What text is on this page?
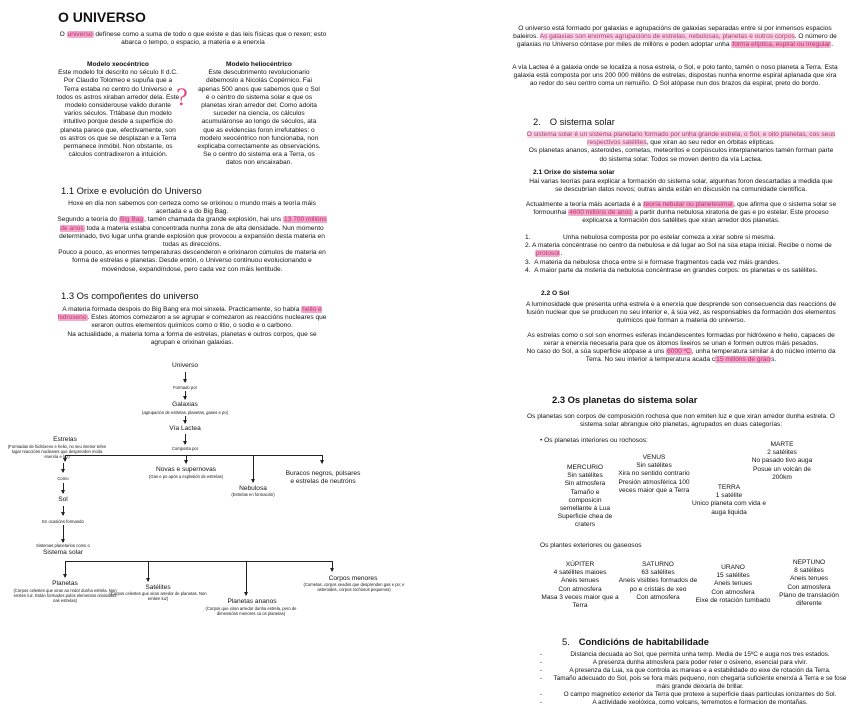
O UNIVERSO
O universo defínese como a suma de todo o que existe e das leis físicas que o rexen; esto abarca o tempo, o espacio, a materia e a enerxía
Modelo xeocéntrico
Este modelo foi descrito no século II d.C. Por Claudio Tolomeo e supuña que a Terra estaba no centro do Universo e todos os astros xiraban arredor dela. Este modelo considerouse valido durante varios séculos. Trtábase dun modelo intuitivo porque desde a superficie do planeta parece que, efectivamente, son os astros os que se desplazan e a Terra permanece inmóbil. Non obstante, os cálculos contradixeron a intuición.
?
Modelo heliocéntrico
Este descubrimento revolucionario débemoslo a Nicolás Copérnico. Fai apenas 500 anos que sabemos que o Sol é o centro do sistema solar e que os planetas xiran arredor del. Como adoita suceder na ciencia, os cálculos acumuláronse ao longo de séculos, ata que as evidencias foron irrefutables: o modelo xeocéntrico non funcionaba, non explicaba correctamente as observacións. Se o centro do sistema era a Terra, os datos non encaixaban.
1.1 Orixe e evolución do Universo
Hoxe en día non sabemos con certeza como se orixinou o mundo mais a teoría máis acertada e a do Big Bag.
Segundo a teoría do Big Bag, tamén chamada da grande explosión, hai uns 13 700 millóns de anos toda a materia estaba concentrada nunha zona de alta densidade. Nun momento determinado, tivo lugar unha grande explosión que provocou a expansión desta materia en todas as direccións.
Pouco a pouco, as enormes temperaturas descenderon e orixinaron cúmulos de materia en forma de estrelas e planetas. Desde entón, o Universo continuou evolucionando e movéndose, expandíndose, pero cada vez con máis lentitude.
1.3 Os compoñentes do universo
A materia formada despois do Big Bang era moi sinxela. Practicamente, so había helio e hidroxeno. Estes átomos comezaron a se agrupar e comezaron as reaccións nucleares que xeraron outros elementos químicos como o litio, o sodio e o carbono.
Na actualidade, a materia toma a forma de estrelas, planetas e outros corpos, que se agrupan e orixinan galaxias.
Universo
Formado por
Galaxias
(agrupación de estrelas, planetas, gases e po)
Vía Lactea
Composta por
Estrelas
(Formadas de hidróxeno e helio, no seu interior tefen lugar reaccións nucleares que desprenden moita enerxía e luz)
Novas e supernovas
(Gas e po após a explosión de estrelas)	Buracos negros, púlsares e estrelas de neutróns
Nebulosa
(Estrelas en formación)
Como
Sol
En ocasións formando
Sistemas planetarios como o
Sistema solar
Planetas
(Corpos celestes que xiran ao redor dunha estrela. Non emiten luz. Están formados polos elementos orixinados nas estrelas)
Satélites
(Corpos celestes que xiran arredor de planetas. Non emiten luz)	Planetas ananos
(Corpos que xiran arredor dunha estrela, pero de dimensións menores ca os planetas)
Corpos menores
(Cometas, corpos xeados que desprenden gas e po; e asteroides, corpos rochosos pequenos)
O universo está formado por galaxias e agrupacións de galaxias separadas entre si por inmensos espacios baleiros. As galaxias son enormes agrupacións de estrelas, nebulosas, planetas e outros corpos. O número de galaxias no Universo cóntase por miles de millóns e poden adoptar unha forma elíptica, espiral ou irregular.
A vía Lactea é a galaxia onde se localiza a nosa estrela, o Sol, e polo tanto, tamén o noso planeta a Terra. Esta galaxia está composta por uns 200 000 millóns de estrelas, dispostas nunha enorme espiral aplanada que xira ao redor do seu centro coma un remuiño. O Sol atópase nun dos brazos da espiral, preto do bordo.
2. O sistema solar
O sistema solar é un sistema planetario formado por unha grande estrela, o Sol, e oito planetas, cos seus respectivos satélites, que xiran ao seu redor en órbitas elípticas.
Os planetas ananos, asteroides, cometas, meteoritos e corpúsculos interplanetarios tamén forman parte do sistema solar. Todos se moven dentro da vía Lactea.
2.1 Orixe do sistema solar
Hai varias teorías para explicar a formación do sistema solar, algunhas foron descartadas a medida que se descubrían datos novos; outras ainda están en discusión na comunidade científica.
Actualmente a teoría máis acertada é a teoría nebular ou planetesimal, que afirma que o sistema solar se formounhai 4600 millóns de anos a partir dunha nebulosa xiratoria de gas e po estelar. Este proceso explicarxa a formación dos satélites que xiran arredor dos planetas.
1.	Unha nebulosa composta por po estelar comeza a xirar sobre si mesma.
2. A materia concéntrase no centro da nebulosa e dá lugar ao Sol na súa etapa inicial. Recibe o nome de protosol.
3. A materia da nebulosa choca entre si e formase fragmentos cada vez máis grandes.
4. A maior parte da msteria da nebulosa concéntrase en grandes corpos: os planetas e os satélites.
2.2 O Sol
A luminosidade que presenta unha estrela e a enerxía que desprende son consecuencia das reaccións de fusión nuclear que se producen no seu interior e, á súa vez, as responsables da formación dos elementos químicos que forman a materia do universo.
As estrelas como o sol son enormes esferas incandescentes formadas por hidróxeno e helio, capaces de xerar a enerxía necesaria para que os átomos lixeiros se unan e formen outros máis pesados.
No caso do Sol, a súa superficie atópase a uns 6000 ºC, unha temperatura similar á do núcleo interno da Terra. No seu interior a temperatura acada c15 millóns de graos.
2.3 Os planetas do sistema solar
Os planetas son corpos de composición rochosa que non emiten luz e que xiran arredor dunha estrela. O sistema solar abrangue oito planetas, agrupados en duas categorías:
• Os planetas interiores ou rochosos:
MERCURIO
Sin satélites
Sin atmosfera
Tamaño e composicin semellante á Lua
Superficie chea de craters
VENUS
Sin satélites
Xira no sentido contrario
Presión atmosférica 100 veces maior que a Terra	TERRA
1 satélite
Unico planeta com vida e auga liquida
MARTE
2 satélites
No pasado tivo auga
Posue un volcán de 200km
Os plantes exteriores ou gaseosos
XÚPITER
4 satélites maioes
Aneis tenues
Con atmosfera
Masa 3 veces maior que a Terra
SATURNO
63 satélites
Aneis visibles formados de po e cristais de xeo
Con atmosfera
URANO
15 satélites
Aneis tenues
Con atmosfera
Eixe de rotación tumbado
NEPTUNO
8 satélites
Aneis tenues
Con atmosfera
Plano de translación diferente
5. Condicións de habitabilidade
-	Distancia decuada ao Sol, que permita unha temp. Media de 15ºC e auga nos tres estados.
-	A presenza dunha atmosfera para poder reter o osixeno, esencial para vivir.
-	A presenza da Lua, xa que controla as mareas e a estabilidade do eixe de rotación da Terra.
- Tamaño adecuado do Sol, pois se fora máis pequeno, non chegaría suficiente enerxía á Terra e se fose máis grande deixaría de brillar.
-	O campo magnetico exterior da Terra que protexe a superficie daas partículas ionizantes do Sol.
-	A actividade xeolóxica, como volcans, terremotos e formacion de montañas.
